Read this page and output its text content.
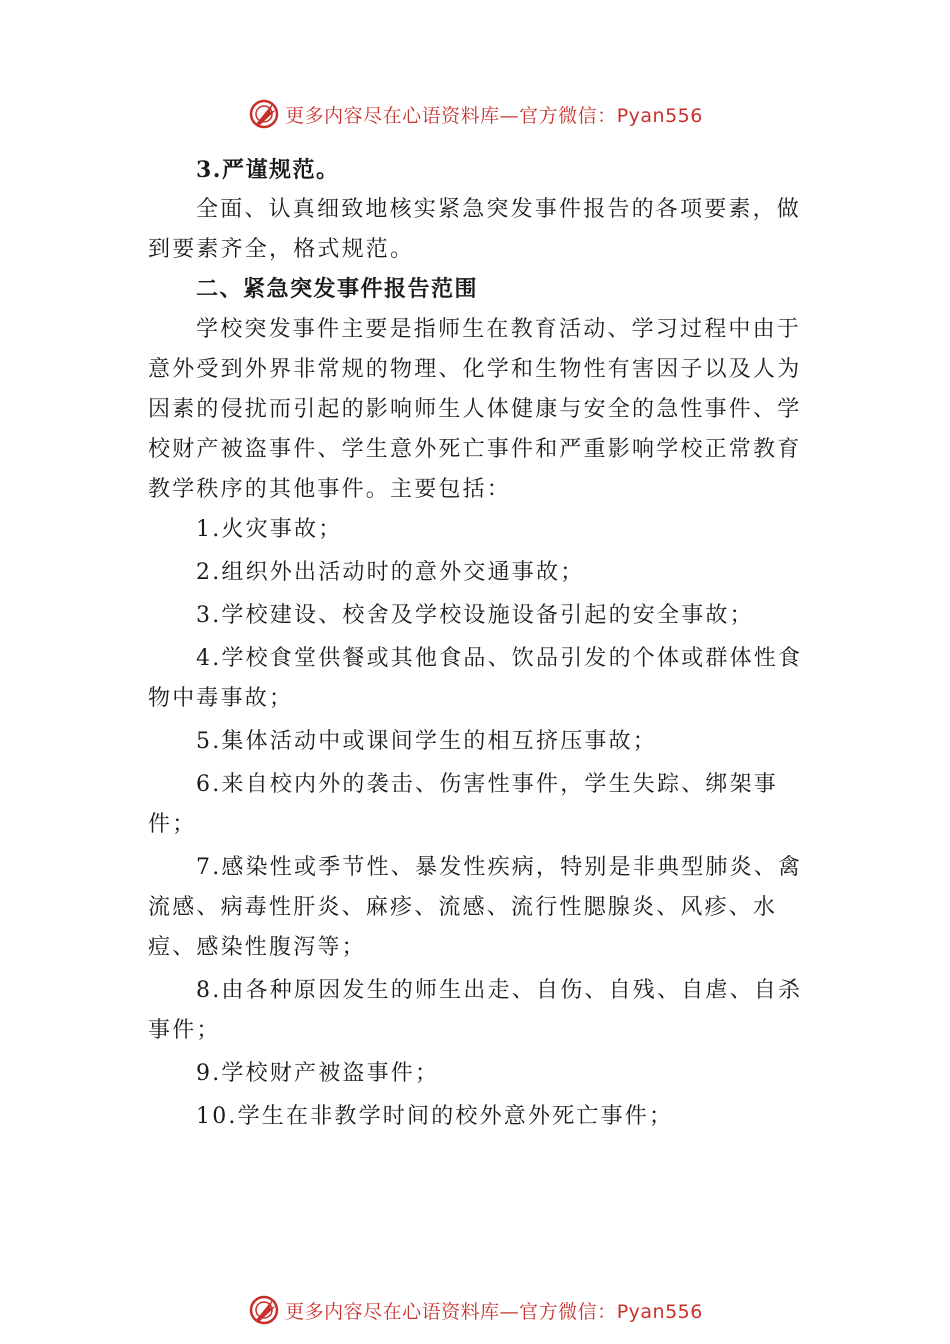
更多内容尽在心语资料库—官方微信：Pyan556

3.严谨规范。

全面、认真细致地核实紧急突发事件报告的各项要素，做到要素齐全，格式规范。

二、紧急突发事件报告范围

学校突发事件主要是指师生在教育活动、学习过程中由于意外受到外界非常规的物理、化学和生物性有害因子以及人为因素的侵扰而引起的影响师生人体健康与安全的急性事件、学校财产被盗事件、学生意外死亡事件和严重影响学校正常教育教学秩序的其他事件。主要包括：

1.火灾事故；

2.组织外出活动时的意外交通事故；

3.学校建设、校舍及学校设施设备引起的安全事故；

4.学校食堂供餐或其他食品、饮品引发的个体或群体性食物中毒事故；

5.集体活动中或课间学生的相互挤压事故；

6.来自校内外的袭击、伤害性事件，学生失踪、绑架事件；

7.感染性或季节性、暴发性疾病，特别是非典型肺炎、禽流感、病毒性肝炎、麻疹、流感、流行性腮腺炎、风疹、水痘、感染性腹泻等；

8.由各种原因发生的师生出走、自伤、自残、自虐、自杀事件；

9.学校财产被盗事件；

10.学生在非教学时间的校外意外死亡事件；

更多内容尽在心语资料库—官方微信：Pyan556
